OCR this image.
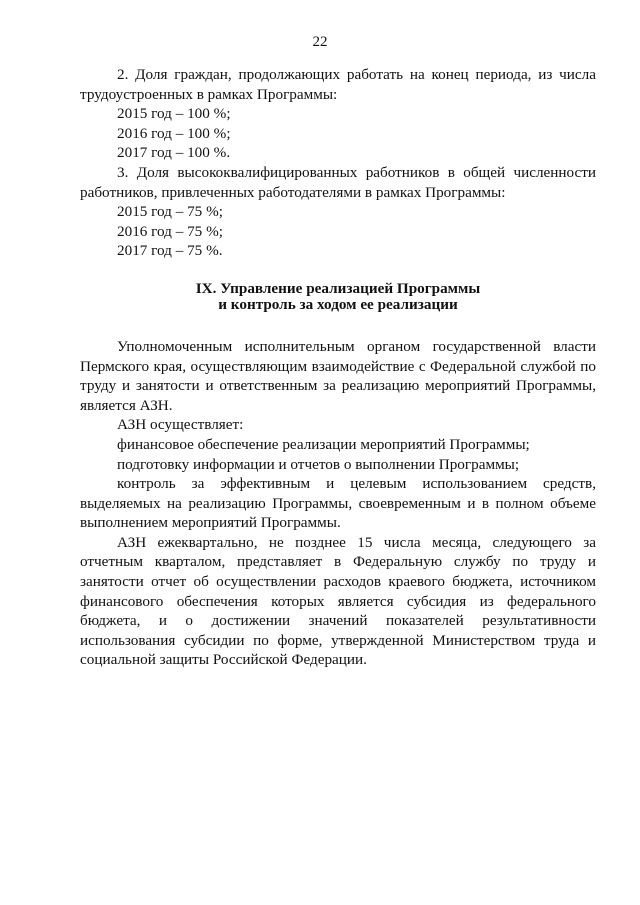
22

2. Доля граждан, продолжающих работать на конец периода, из числа трудоустроенных в рамках Программы:

2015 год – 100 %;

2016 год – 100 %;

2017 год – 100 %.

3. Доля высококвалифицированных работников в общей численности работников, привлеченных работодателями в рамках Программы:

2015 год – 75 %;

2016 год – 75 %;

2017 год – 75 %.

IX. Управление реализацией Программы
и контроль за ходом ее реализации

Уполномоченным исполнительным органом государственной власти Пермского края, осуществляющим взаимодействие с Федеральной службой по труду и занятости и ответственным за реализацию мероприятий Программы, является АЗН.

АЗН осуществляет:

финансовое обеспечение реализации мероприятий Программы;

подготовку информации и отчетов о выполнении Программы;

контроль за эффективным и целевым использованием средств, выделяемых на реализацию Программы, своевременным и в полном объеме выполнением мероприятий Программы.

АЗН ежеквартально, не позднее 15 числа месяца, следующего за отчетным кварталом, представляет в Федеральную службу по труду и занятости отчет об осуществлении расходов краевого бюджета, источником финансового обеспечения которых является субсидия из федерального бюджета, и о достижении значений показателей результативности использования субсидии по форме, утвержденной Министерством труда и социальной защиты Российской Федерации.
